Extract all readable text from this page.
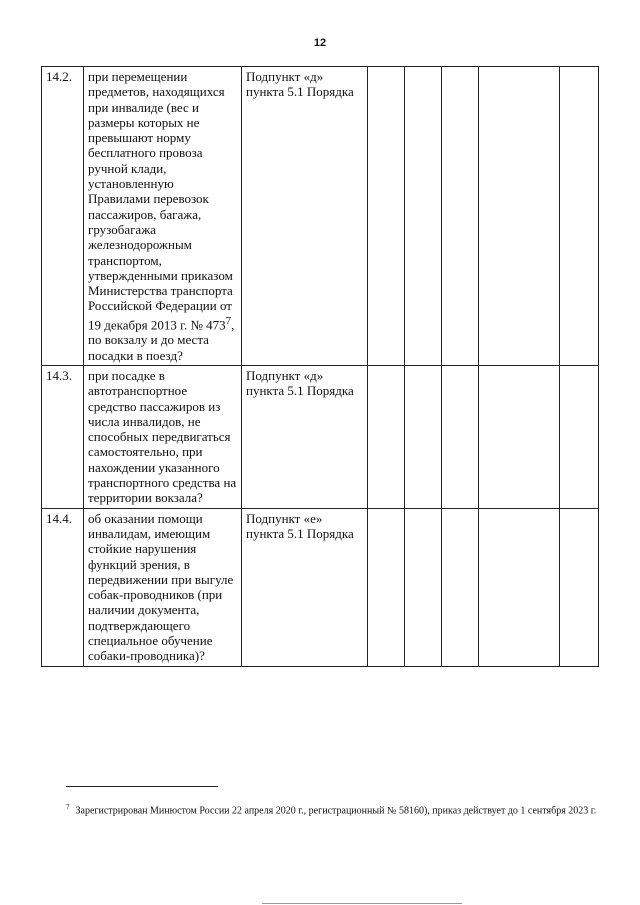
12
14.2.	при перемещении предметов, находящихся при инвалиде (вес и размеры которых не превышают норму бесплатного провоза ручной клади, установленную Правилами перевозок пассажиров, багажа, грузобагажа железнодорожным транспортом, утвержденными приказом Министерства транспорта Российской Федерации от 19 декабря 2013 г. № $473^7$, по вокзалу и до места посадки в поезд?	Подпункт «д» пункта 5.1 Порядка					
14.3.	при посадке в автотранспортное средство пассажиров из числа инвалидов, не способных передвигаться самостоятельно, при нахождении указанного транспортного средства на территории вокзала?	Подпункт «д» пункта 5.1 Порядка					
14.4.	об оказании помощи инвалидам, имеющим стойкие нарушения функций зрения, в передвижении при выгуле собак-проводников (при наличии документа, подтверждающего специальное обучение собаки-проводника)?	Подпункт «е» пункта 5.1 Порядка					
$^7$ Зарегистрирован Минюстом России 22 апреля 2020 г., регистрационный № 58160), приказ действует до 1 сентября 2023 г.
